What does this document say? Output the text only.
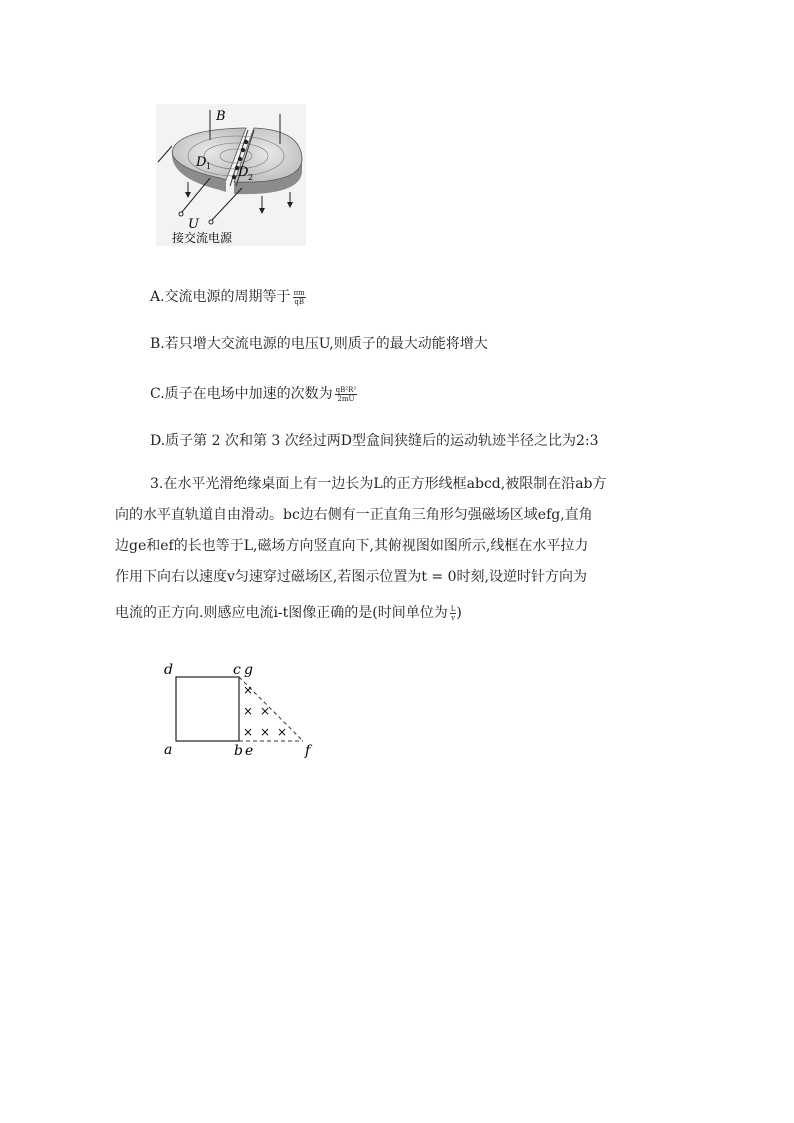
B
D 1 D 2
U
接交流电源
A.交流电源的周期等于 $\frac{\pi m}{qB}$
B.若只增大交流电源的电压U,则质子的最大动能将增大
C.质子在电场中加速的次数为 $\frac{\text{qB²R²}}{2mU}$
D.质子第 2 次和第 3 次经过两D型盒间狭缝后的运动轨迹半径之比为2:3
3.在水平光滑绝缘桌面上有一边长为L的正方形线框abcd,被限制在沿ab方
向的水平直轨道自由滑动。bc边右侧有一正直角三角形匀强磁场区域efg,直角
边ge和ef的长也等于L,磁场方向竖直向下,其俯视图如图所示,线框在水平拉力
作用下向右以速度v匀速穿过磁场区,若图示位置为t = 0时刻,设逆时针方向为
电流的正方向.则感应电流i-t图像正确的是(时间单位为 $\frac{L}{v}$ )
×
× ×
× × ×
d	c g
a	b e	f
